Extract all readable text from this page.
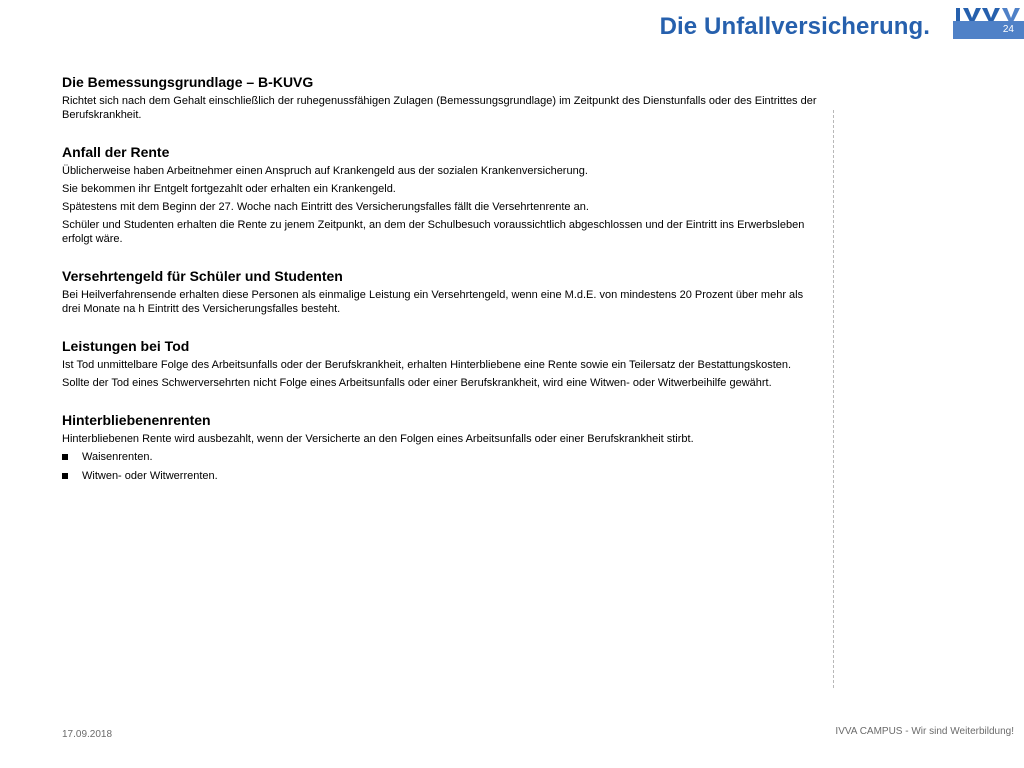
Die Unfallversicherung.	24
Die Bemessungsgrundlage – B-KUVG

Richtet sich nach dem Gehalt einschließlich der ruhegenussfähigen Zulagen (Bemessungsgrundlage) im Zeitpunkt des Dienstunfalls oder des Eintrittes der Berufskrankheit.

Anfall der Rente

Üblicherweise haben Arbeitnehmer einen Anspruch auf Krankengeld aus der sozialen Krankenversicherung.

Sie bekommen ihr Entgelt fortgezahlt oder erhalten ein Krankengeld.

Spätestens mit dem Beginn der 27. Woche nach Eintritt des Versicherungsfalles fällt die Versehrtenrente an.

Schüler und Studenten erhalten die Rente zu jenem Zeitpunkt, an dem der Schulbesuch voraussichtlich abgeschlossen und der Eintritt ins Erwerbsleben erfolgt wäre.

Versehrtengeld für Schüler und Studenten

Bei Heilverfahrensende erhalten diese Personen als einmalige Leistung ein Versehrtengeld, wenn eine M.d.E. von mindestens 20 Prozent über mehr als drei Monate na h Eintritt des Versicherungsfalles besteht.

Leistungen bei Tod

Ist Tod unmittelbare Folge des Arbeitsunfalls oder der Berufskrankheit, erhalten Hinterbliebene eine Rente sowie ein Teilersatz der Bestattungskosten.

Sollte der Tod eines Schwerversehrten nicht Folge eines Arbeitsunfalls oder einer Berufskrankheit, wird eine Witwen- oder Witwerbeihilfe gewährt.

Hinterbliebenenrenten

Hinterbliebenen Rente wird ausbezahlt, wenn der Versicherte an den Folgen eines Arbeitsunfalls oder einer Berufskrankheit stirbt.

Waisenrenten.
Witwen- oder Witwerrenten.
17.09.2018	IVVA CAMPUS - Wir sind Weiterbildung!
